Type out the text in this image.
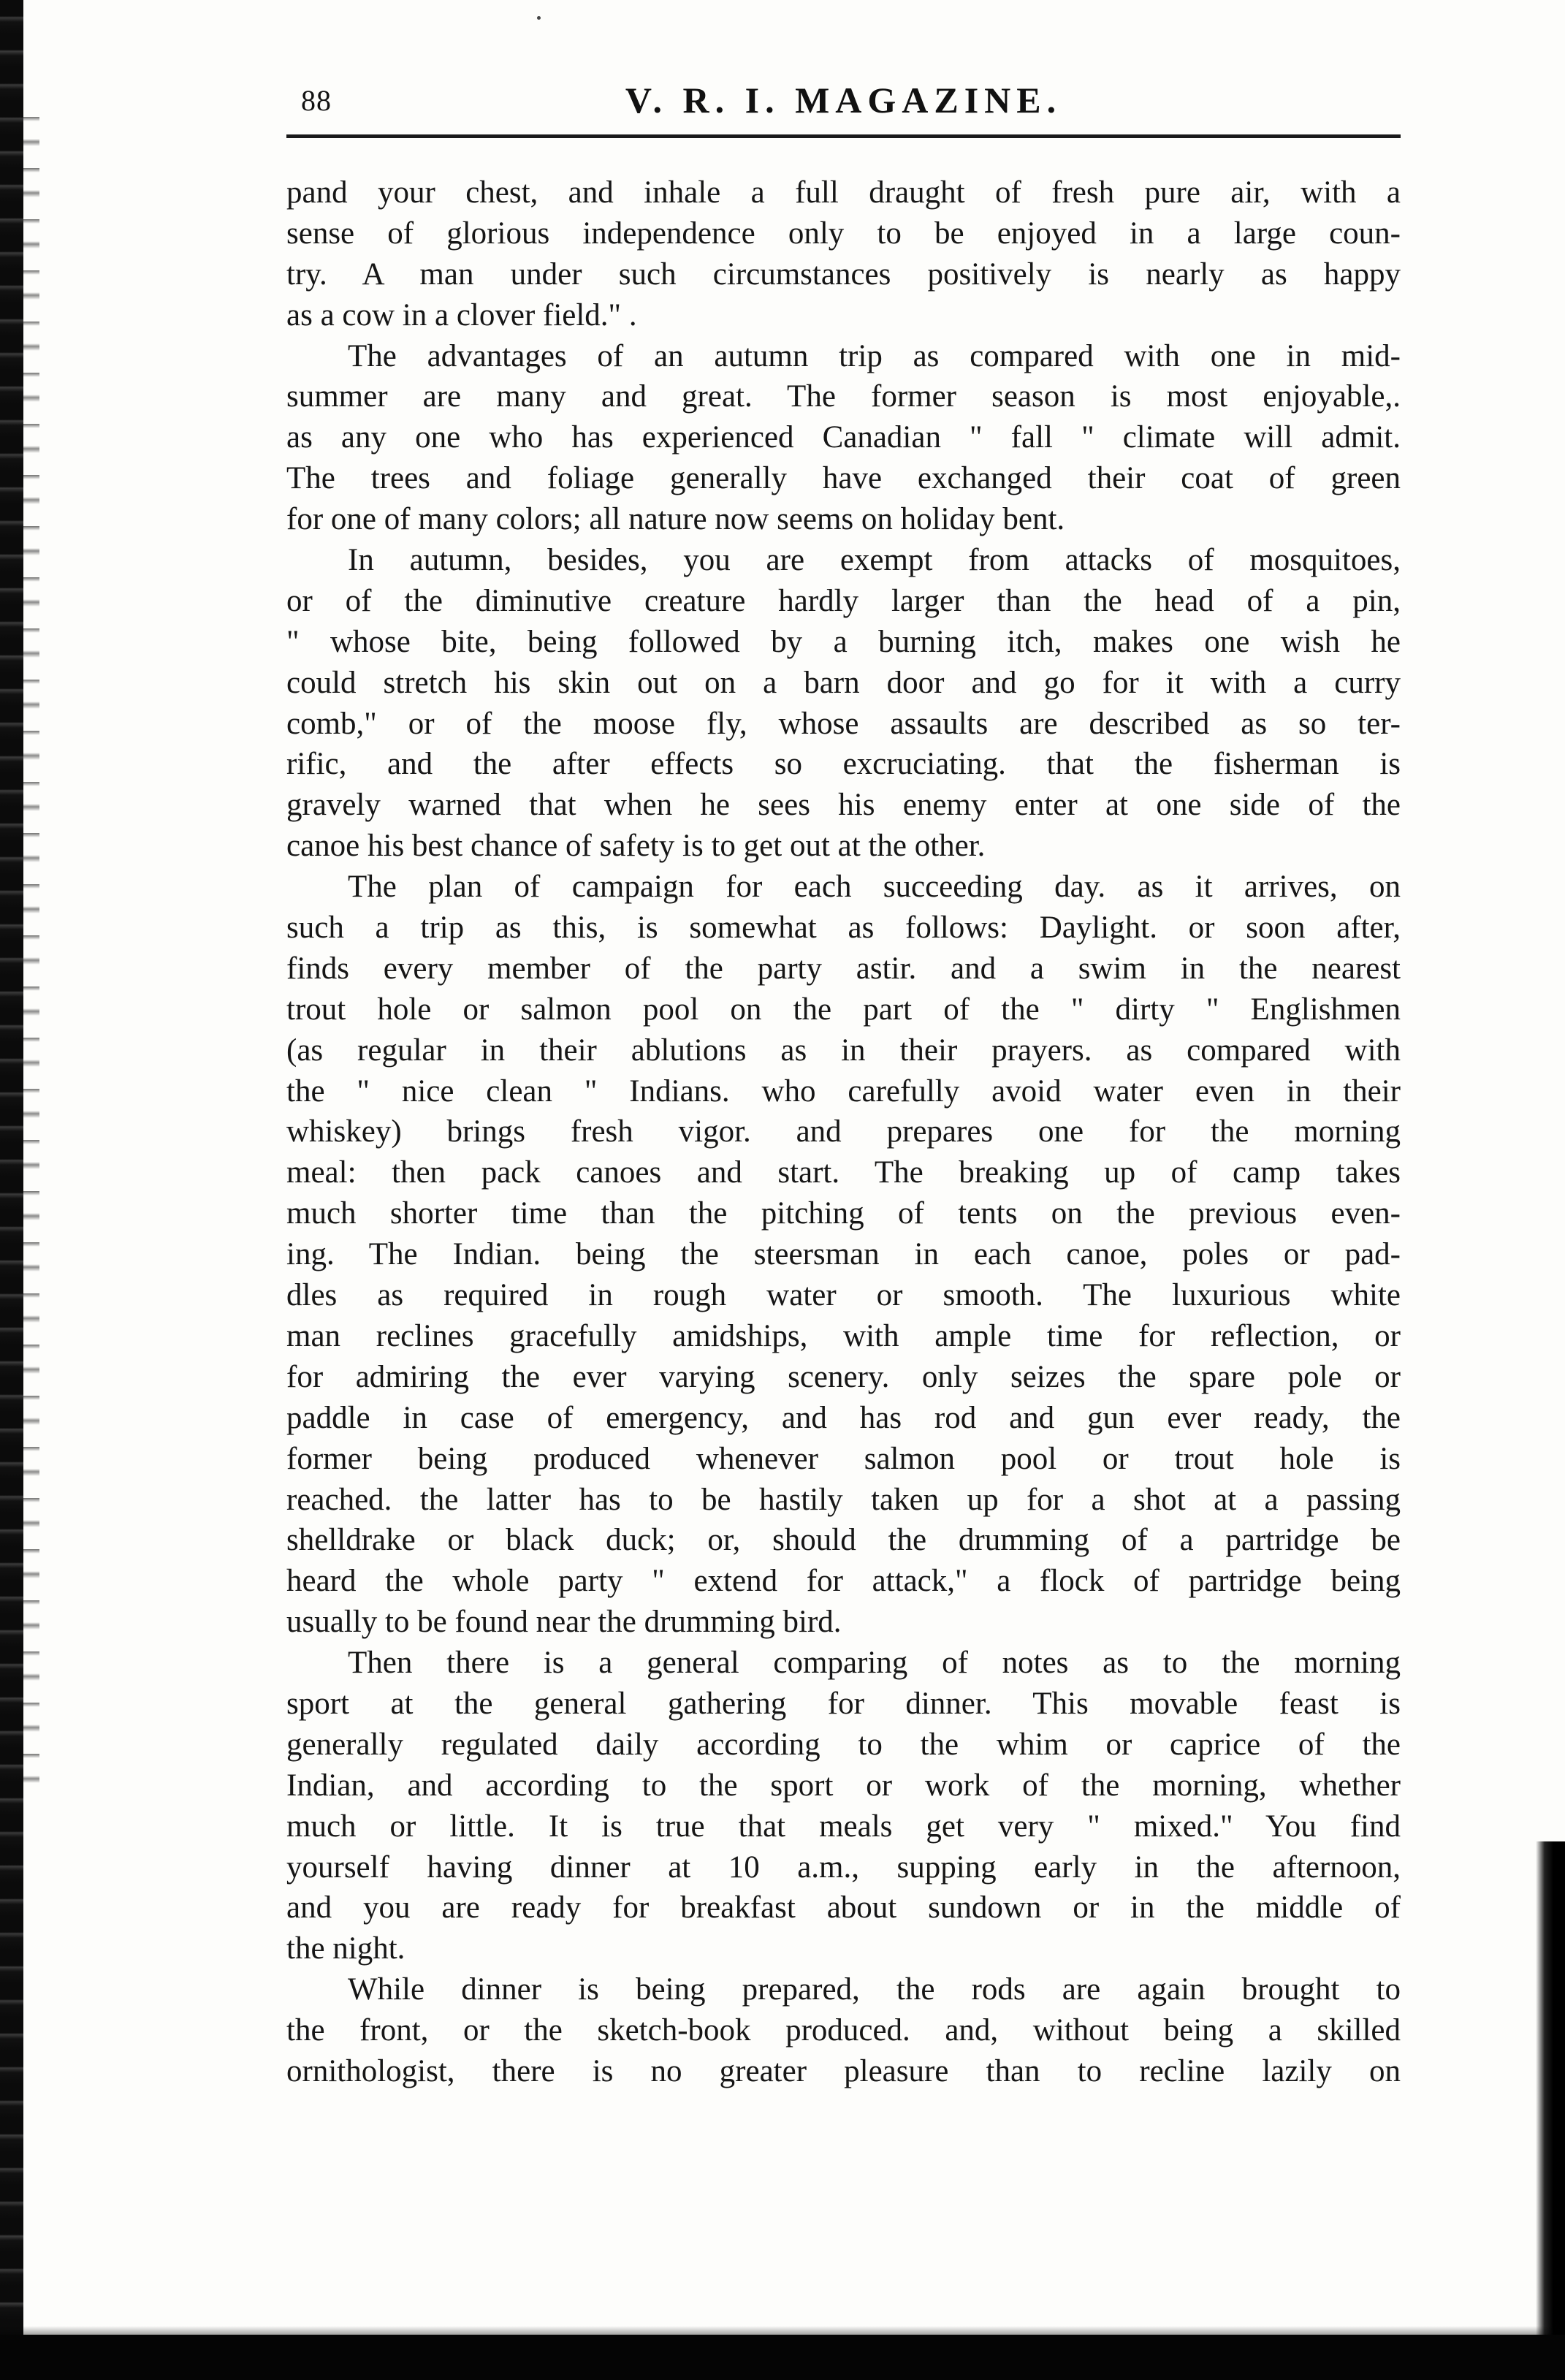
88	V. R. I. MAGAZINE.
pand your chest, and inhale a full draught of fresh pure air, with a
sense of glorious independence only to be enjoyed in a large coun-
try. A man under such circumstances positively is nearly as happy
as a cow in a clover field." .
The advantages of an autumn trip as compared with one in mid-
summer are many and great. The former season is most enjoyable,.
as any one who has experienced Canadian " fall " climate will admit.
The trees and foliage generally have exchanged their coat of green
for one of many colors; all nature now seems on holiday bent.
In autumn, besides, you are exempt from attacks of mosquitoes,
or of the diminutive creature hardly larger than the head of a pin,
" whose bite, being followed by a burning itch, makes one wish he
could stretch his skin out on a barn door and go for it with a curry
comb," or of the moose fly, whose assaults are described as so ter-
rific, and the after effects so excruciating. that the fisherman is
gravely warned that when he sees his enemy enter at one side of the
canoe his best chance of safety is to get out at the other.
The plan of campaign for each succeeding day. as it arrives, on
such a trip as this, is somewhat as follows: Daylight. or soon after,
finds every member of the party astir. and a swim in the nearest
trout hole or salmon pool on the part of the " dirty " Englishmen
(as regular in their ablutions as in their prayers. as compared with
the " nice clean " Indians. who carefully avoid water even in their
whiskey) brings fresh vigor. and prepares one for the morning
meal: then pack canoes and start. The breaking up of camp takes
much shorter time than the pitching of tents on the previous even-
ing. The Indian. being the steersman in each canoe, poles or pad-
dles as required in rough water or smooth. The luxurious white
man reclines gracefully amidships, with ample time for reflection, or
for admiring the ever varying scenery. only seizes the spare pole or
paddle in case of emergency, and has rod and gun ever ready, the
former being produced whenever salmon pool or trout hole is
reached. the latter has to be hastily taken up for a shot at a passing
shelldrake or black duck; or, should the drumming of a partridge be
heard the whole party " extend for attack," a flock of partridge being
usually to be found near the drumming bird.
Then there is a general comparing of notes as to the morning
sport at the general gathering for dinner. This movable feast is
generally regulated daily according to the whim or caprice of the
Indian, and according to the sport or work of the morning, whether
much or little. It is true that meals get very " mixed." You find
yourself having dinner at 10 a.m., supping early in the afternoon,
and you are ready for breakfast about sundown or in the middle of
the night.
While dinner is being prepared, the rods are again brought to
the front, or the sketch-book produced. and, without being a skilled
ornithologist, there is no greater pleasure than to recline lazily on
